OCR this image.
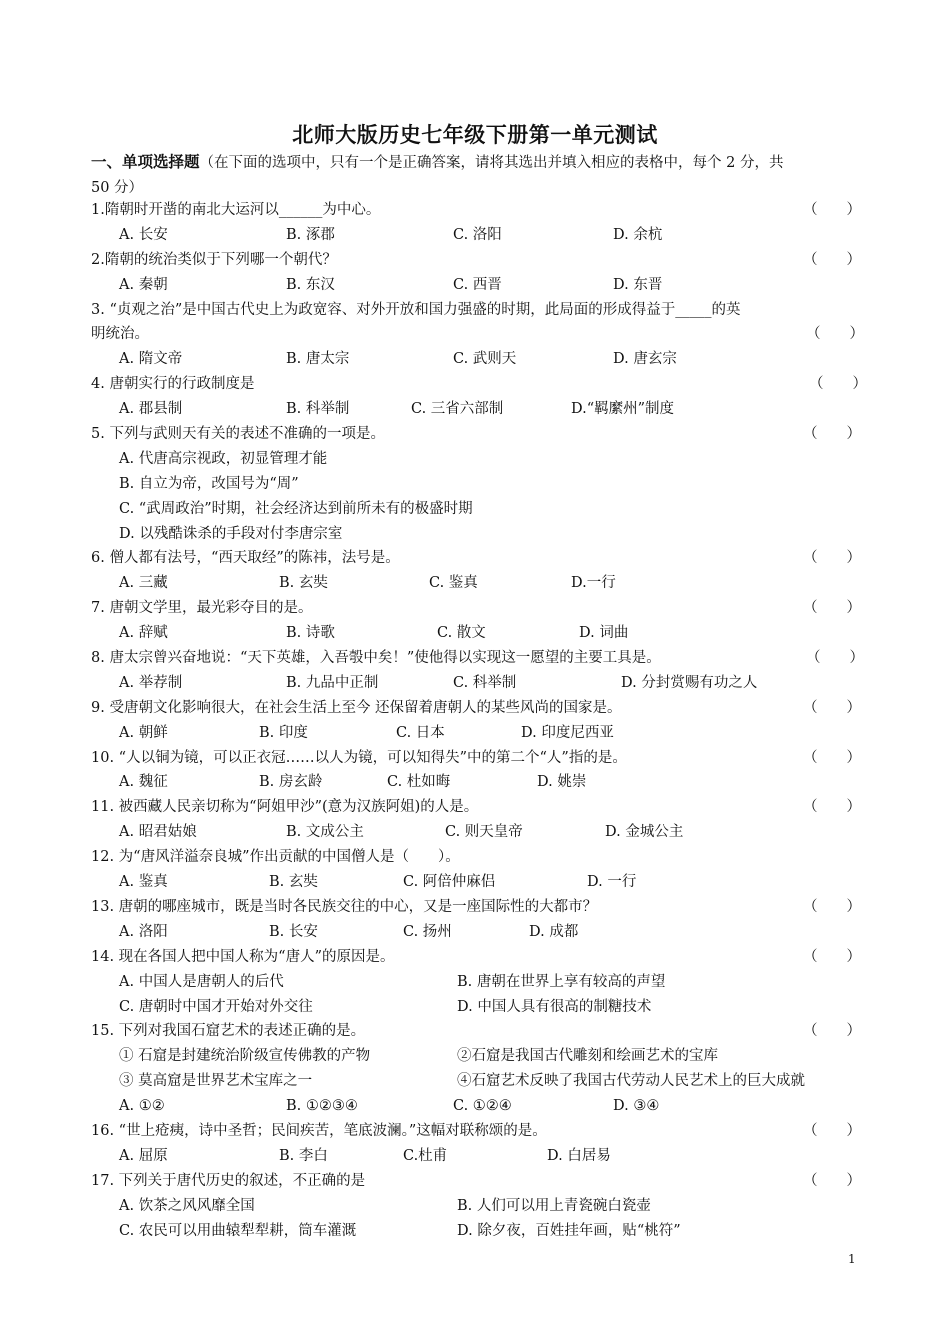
北师大版历史七年级下册第一单元测试
一、单项选择题（在下面的选项中，只有一个是正确答案，请将其选出并填入相应的表格中，每个 2 分，共
50 分）
1.隋朝时开凿的南北大运河以______为中心。	（　　）
A. 长安	B. 涿郡	C. 洛阳	D. 余杭
2.隋朝的统治类似于下列哪一个朝代？	（　　）
A. 秦朝	B. 东汉	C. 西晋	D. 东晋
3. “贞观之治”是中国古代史上为政宽容、对外开放和国力强盛的时期，此局面的形成得益于_____的英
明统治。	（　　）
A. 隋文帝	B. 唐太宗	C. 武则天	D. 唐玄宗
4. 唐朝实行的行政制度是	（　　）
A. 郡县制	B. 科举制	C. 三省六部制	D.“羁縻州”制度
5. 下列与武则天有关的表述不准确的一项是。	（　　）
A. 代唐高宗视政，初显管理才能
B. 自立为帝，改国号为“周”
C. “武周政治”时期，社会经济达到前所未有的极盛时期
D. 以残酷诛杀的手段对付李唐宗室
6. 僧人都有法号，“西天取经”的陈祎，法号是。	（　　）
A. 三藏	B. 玄奘	C. 鉴真	D.一行
7. 唐朝文学里，最光彩夺目的是。	（　　）
A. 辞赋	B. 诗歌	C. 散文	D. 词曲
8. 唐太宗曾兴奋地说：“天下英雄，入吾彀中矣！”使他得以实现这一愿望的主要工具是。	（　　）
A. 举荐制	B. 九品中正制	C. 科举制	D. 分封赏赐有功之人
9. 受唐朝文化影响很大，在社会生活上至今 还保留着唐朝人的某些风尚的国家是。	（　　）
A. 朝鲜	B. 印度	C. 日本	D. 印度尼西亚
10. “人以铜为镜，可以正衣冠……以人为镜，可以知得失”中的第二个“人”指的是。	（　　）
A. 魏征	B. 房玄龄	C. 杜如晦	D. 姚崇
11. 被西藏人民亲切称为“阿姐甲沙”(意为汉族阿姐)的人是。	（　　）
A. 昭君姑娘	B. 文成公主	C. 则天皇帝	D. 金城公主
12. 为“唐风洋溢奈良城”作出贡献的中国僧人是（　　）。
A. 鉴真	B. 玄奘	C. 阿倍仲麻侣	D. 一行
13. 唐朝的哪座城市，既是当时各民族交往的中心，又是一座国际性的大都市？	（　　）
A. 洛阳	B. 长安	C. 扬州	D. 成都
14. 现在各国人把中国人称为“唐人”的原因是。	（　　）
A. 中国人是唐朝人的后代	B. 唐朝在世界上享有较高的声望
C. 唐朝时中国才开始对外交往	D. 中国人具有很高的制糖技术
15. 下列对我国石窟艺术的表述正确的是。	（　　）
① 石窟是封建统治阶级宣传佛教的产物	②石窟是我国古代雕刻和绘画艺术的宝库
③ 莫高窟是世界艺术宝库之一	④石窟艺术反映了我国古代劳动人民艺术上的巨大成就
A. ①②	B. ①②③④	C. ①②④	D. ③④
16. “世上疮痍，诗中圣哲；民间疾苦，笔底波澜。”这幅对联称颂的是。	（　　）
A. 屈原	B. 李白	C.杜甫	D. 白居易
17. 下列关于唐代历史的叙述，不正确的是	（　　）
A. 饮茶之风风靡全国	B. 人们可以用上青瓷碗白瓷壶
C. 农民可以用曲辕犁犁耕，筒车灌溉	D. 除夕夜，百姓挂年画，贴“桃符”
1
